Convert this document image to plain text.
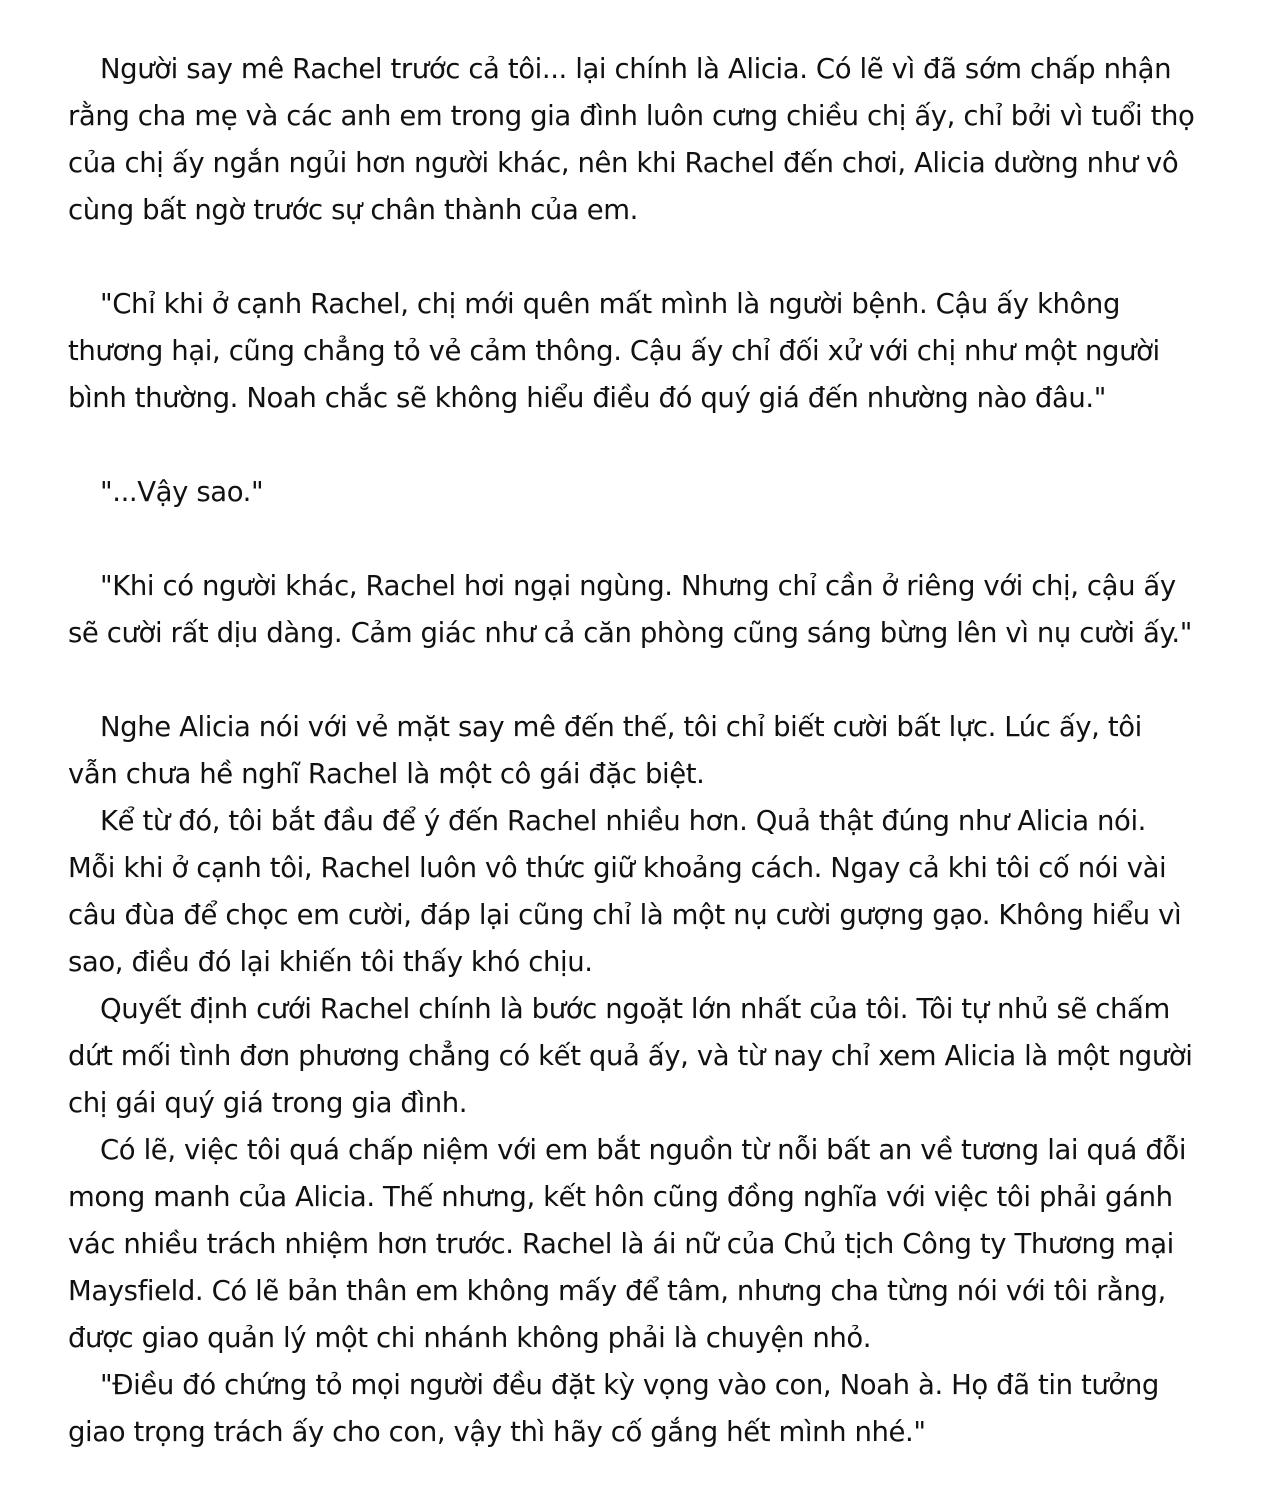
Người say mê Rachel trước cả tôi... lại chính là Alicia. Có lẽ vì đã sớm chấp nhận rằng cha mẹ và các anh em trong gia đình luôn cưng chiều chị ấy, chỉ bởi vì tuổi thọ của chị ấy ngắn ngủi hơn người khác, nên khi Rachel đến chơi, Alicia dường như vô cùng bất ngờ trước sự chân thành của em.

"Chỉ khi ở cạnh Rachel, chị mới quên mất mình là người bệnh. Cậu ấy không thương hại, cũng chẳng tỏ vẻ cảm thông. Cậu ấy chỉ đối xử với chị như một người bình thường. Noah chắc sẽ không hiểu điều đó quý giá đến nhường nào đâu."

"...Vậy sao."

"Khi có người khác, Rachel hơi ngại ngùng. Nhưng chỉ cần ở riêng với chị, cậu ấy sẽ cười rất dịu dàng. Cảm giác như cả căn phòng cũng sáng bừng lên vì nụ cười ấy."

Nghe Alicia nói với vẻ mặt say mê đến thế, tôi chỉ biết cười bất lực. Lúc ấy, tôi vẫn chưa hề nghĩ Rachel là một cô gái đặc biệt.

Kể từ đó, tôi bắt đầu để ý đến Rachel nhiều hơn. Quả thật đúng như Alicia nói. Mỗi khi ở cạnh tôi, Rachel luôn vô thức giữ khoảng cách. Ngay cả khi tôi cố nói vài câu đùa để chọc em cười, đáp lại cũng chỉ là một nụ cười gượng gạo. Không hiểu vì sao, điều đó lại khiến tôi thấy khó chịu.

Quyết định cưới Rachel chính là bước ngoặt lớn nhất của tôi. Tôi tự nhủ sẽ chấm dứt mối tình đơn phương chẳng có kết quả ấy, và từ nay chỉ xem Alicia là một người chị gái quý giá trong gia đình.

Có lẽ, việc tôi quá chấp niệm với em bắt nguồn từ nỗi bất an về tương lai quá đỗi mong manh của Alicia. Thế nhưng, kết hôn cũng đồng nghĩa với việc tôi phải gánh vác nhiều trách nhiệm hơn trước. Rachel là ái nữ của Chủ tịch Công ty Thương mại Maysfield. Có lẽ bản thân em không mấy để tâm, nhưng cha từng nói với tôi rằng, được giao quản lý một chi nhánh không phải là chuyện nhỏ.

"Điều đó chứng tỏ mọi người đều đặt kỳ vọng vào con, Noah à. Họ đã tin tưởng giao trọng trách ấy cho con, vậy thì hãy cố gắng hết mình nhé."
